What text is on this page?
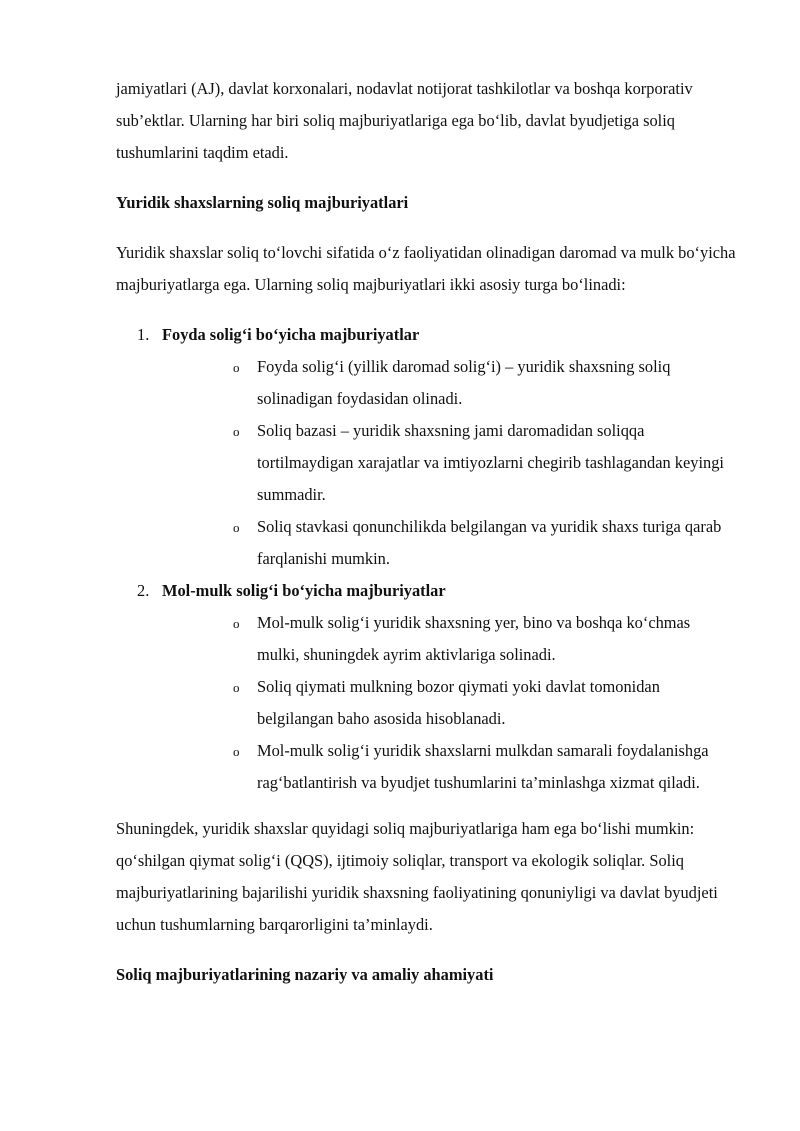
jamiyatlari (AJ), davlat korxonalari, nodavlat notijorat tashkilotlar va boshqa korporativ sub’ektlar. Ularning har biri soliq majburiyatlariga ega bo‘lib, davlat byudjetiga soliq tushumlarini taqdim etadi.

Yuridik shaxslarning soliq majburiyatlari

Yuridik shaxslar soliq to‘lovchi sifatida o‘z faoliyatidan olinadigan daromad va mulk bo‘yicha majburiyatlarga ega. Ularning soliq majburiyatlari ikki asosiy turga bo‘linadi:

1. Foyda solig‘i bo‘yicha majburiyatlar
o Foyda solig‘i (yillik daromad solig‘i) – yuridik shaxsning soliq solinadigan foydasidan olinadi.
o Soliq bazasi – yuridik shaxsning jami daromadidan soliqqa tortilmaydigan xarajatlar va imtiyozlarni chegirib tashlagandan keyingi summadir.
o Soliq stavkasi qonunchilikda belgilangan va yuridik shaxs turiga qarab farqlanishi mumkin.
2. Mol-mulk solig‘i bo‘yicha majburiyatlar
o Mol-mulk solig‘i yuridik shaxsning yer, bino va boshqa ko‘chmas mulki, shuningdek ayrim aktivlariga solinadi.
o Soliq qiymati mulkning bozor qiymati yoki davlat tomonidan belgilangan baho asosida hisoblanadi.
o Mol-mulk solig‘i yuridik shaxslarni mulkdan samarali foydalanishga rag‘batlantirish va byudjet tushumlarini ta’minlashga xizmat qiladi.

Shuningdek, yuridik shaxslar quyidagi soliq majburiyatlariga ham ega bo‘lishi mumkin: qo‘shilgan qiymat solig‘i (QQS), ijtimoiy soliqlar, transport va ekologik soliqlar. Soliq majburiyatlarining bajarilishi yuridik shaxsning faoliyatining qonuniyligi va davlat byudjeti uchun tushumlarning barqarorligini ta’minlaydi.

Soliq majburiyatlarining nazariy va amaliy ahamiyati
